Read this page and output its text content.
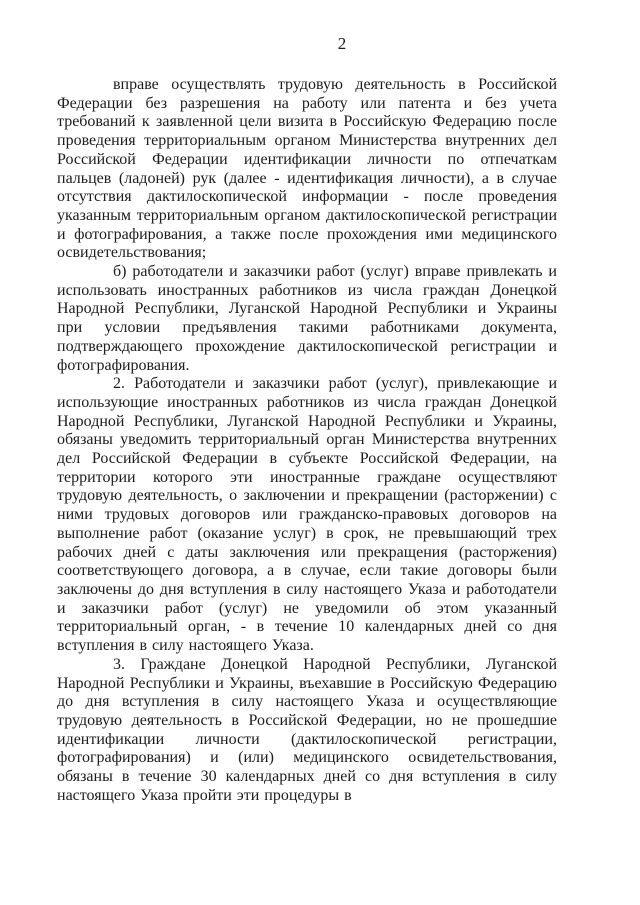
2

вправе осуществлять трудовую деятельность в Российской Федерации без разрешения на работу или патента и без учета требований к заявленной цели визита в Российскую Федерацию после проведения территориальным органом Министерства внутренних дел Российской Федерации идентификации личности по отпечаткам пальцев (ладоней) рук (далее - идентификация личности), а в случае отсутствия дактилоскопической информации - после проведения указанным территориальным органом дактилоскопической регистрации и фотографирования, а также после прохождения ими медицинского освидетельствования;

б) работодатели и заказчики работ (услуг) вправе привлекать и использовать иностранных работников из числа граждан Донецкой Народной Республики, Луганской Народной Республики и Украины при условии предъявления такими работниками документа, подтверждающего прохождение дактилоскопической регистрации и фотографирования.

2. Работодатели и заказчики работ (услуг), привлекающие и использующие иностранных работников из числа граждан Донецкой Народной Республики, Луганской Народной Республики и Украины, обязаны уведомить территориальный орган Министерства внутренних дел Российской Федерации в субъекте Российской Федерации, на территории которого эти иностранные граждане осуществляют трудовую деятельность, о заключении и прекращении (расторжении) с ними трудовых договоров или гражданско-правовых договоров на выполнение работ (оказание услуг) в срок, не превышающий трех рабочих дней с даты заключения или прекращения (расторжения) соответствующего договора, а в случае, если такие договоры были заключены до дня вступления в силу настоящего Указа и работодатели и заказчики работ (услуг) не уведомили об этом указанный территориальный орган, - в течение 10 календарных дней со дня вступления в силу настоящего Указа.

3. Граждане Донецкой Народной Республики, Луганской Народной Республики и Украины, въехавшие в Российскую Федерацию до дня вступления в силу настоящего Указа и осуществляющие трудовую деятельность в Российской Федерации, но не прошедшие идентификации личности (дактилоскопической регистрации, фотографирования) и (или) медицинского освидетельствования, обязаны в течение 30 календарных дней со дня вступления в силу настоящего Указа пройти эти процедуры в
